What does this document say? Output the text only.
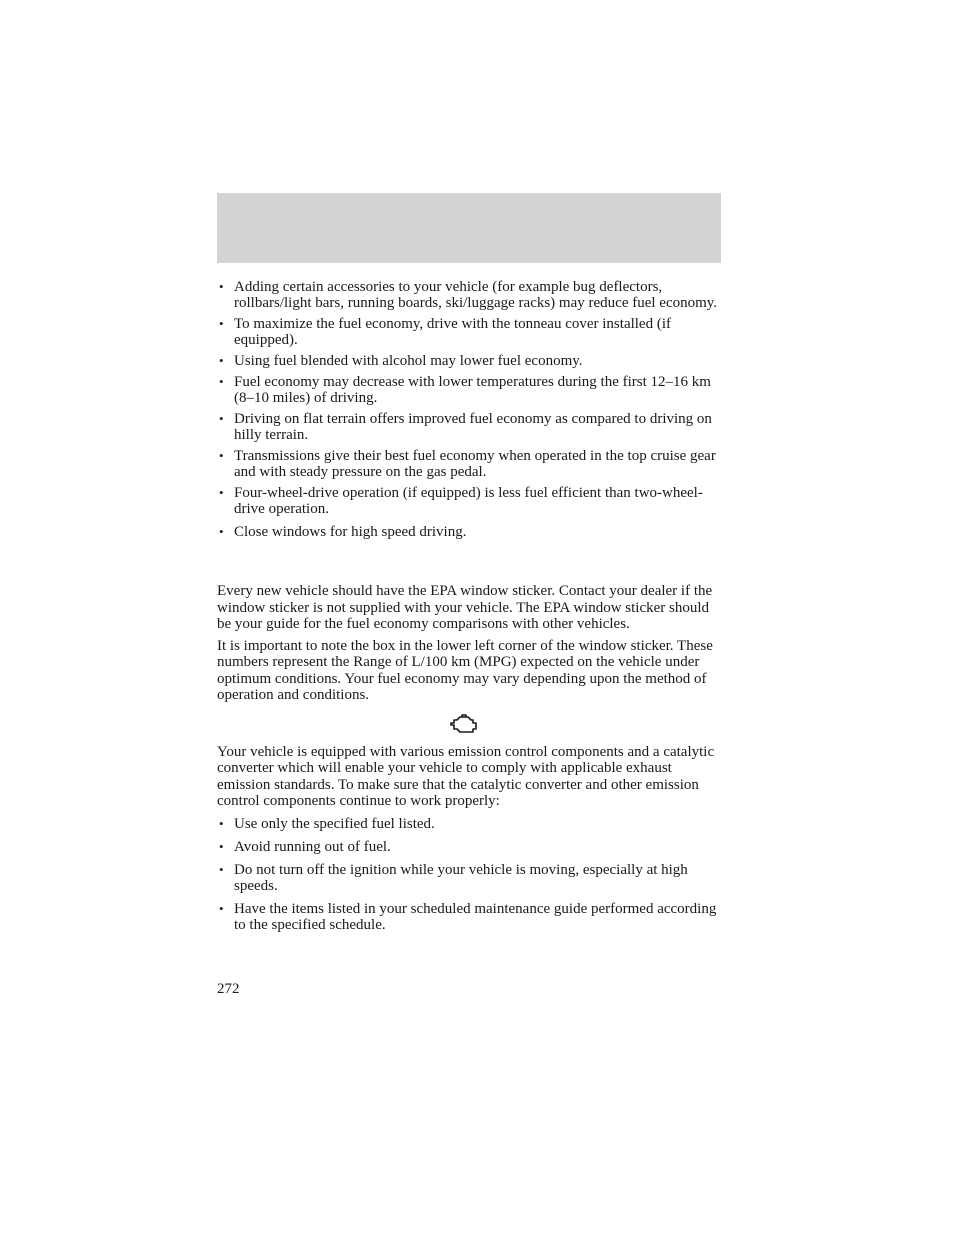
• Adding certain accessories to your vehicle (for example bug deflectors, rollbars/light bars, running boards, ski/luggage racks) may reduce fuel economy.
• To maximize the fuel economy, drive with the tonneau cover installed (if equipped).
• Using fuel blended with alcohol may lower fuel economy.
• Fuel economy may decrease with lower temperatures during the first 12–16 km (8–10 miles) of driving.
• Driving on flat terrain offers improved fuel economy as compared to driving on hilly terrain.
• Transmissions give their best fuel economy when operated in the top cruise gear and with steady pressure on the gas pedal.
• Four-wheel-drive operation (if equipped) is less fuel efficient than two-wheel-drive operation.
• Close windows for high speed driving.

Every new vehicle should have the EPA window sticker. Contact your dealer if the window sticker is not supplied with your vehicle. The EPA window sticker should be your guide for the fuel economy comparisons with other vehicles.

It is important to note the box in the lower left corner of the window sticker. These numbers represent the Range of L/100 km (MPG) expected on the vehicle under optimum conditions. Your fuel economy may vary depending upon the method of operation and conditions.

Your vehicle is equipped with various emission control components and a catalytic converter which will enable your vehicle to comply with applicable exhaust emission standards. To make sure that the catalytic converter and other emission control components continue to work properly:

• Use only the specified fuel listed.
• Avoid running out of fuel.
• Do not turn off the ignition while your vehicle is moving, especially at high speeds.
• Have the items listed in your scheduled maintenance guide performed according to the specified schedule.
272
